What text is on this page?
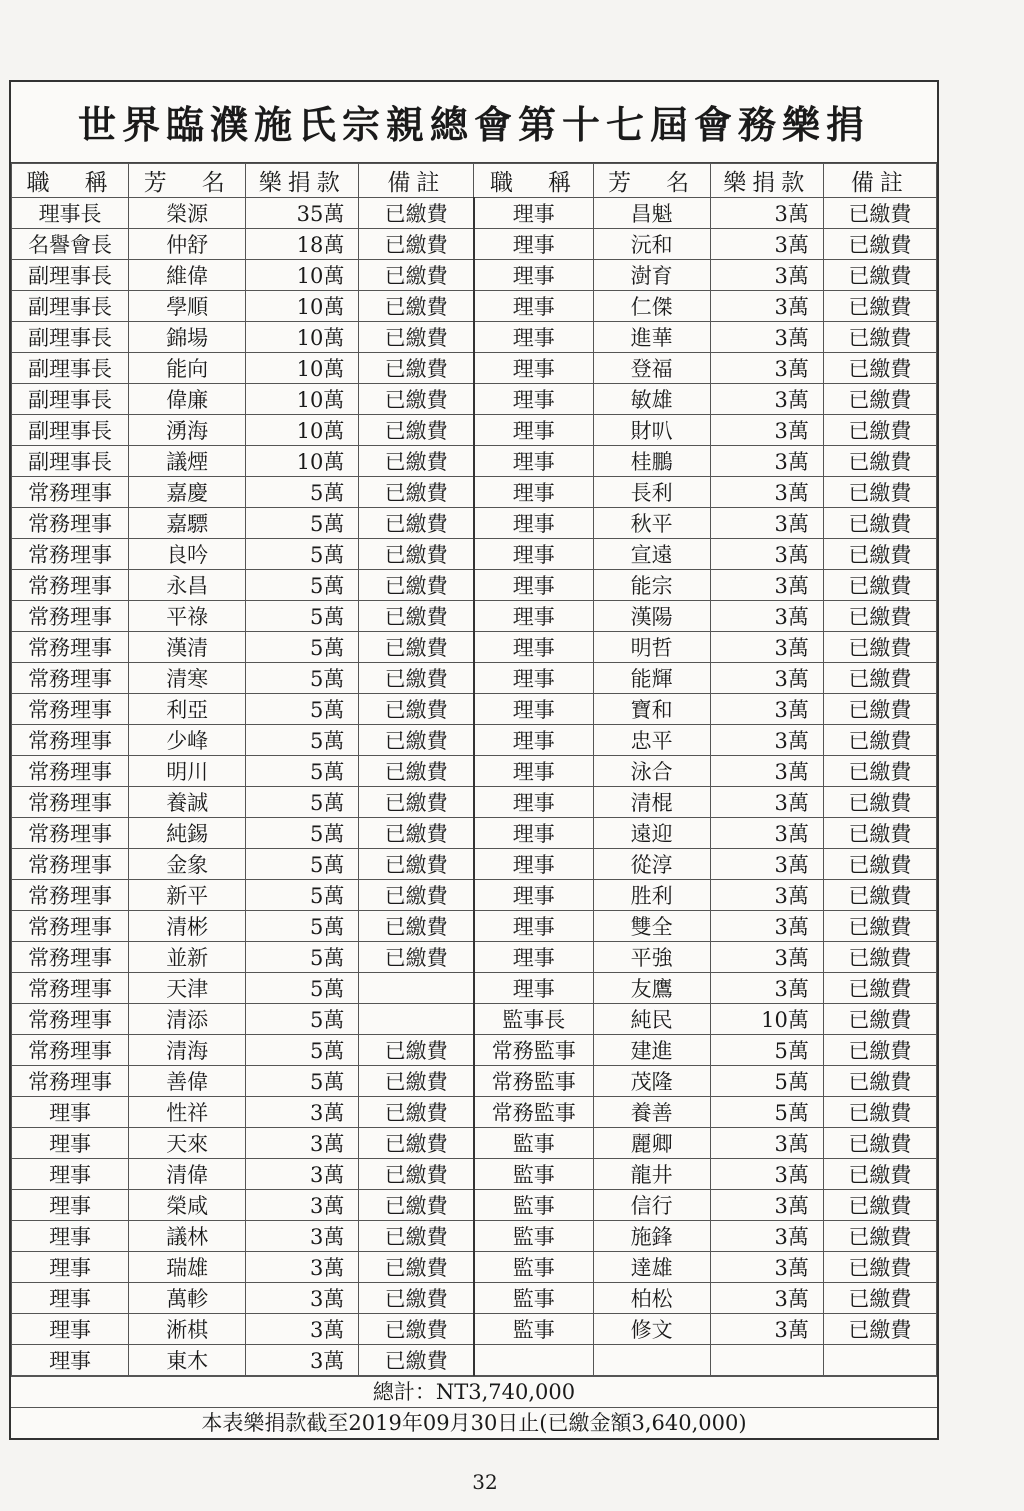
世界臨濮施氏宗親總會第十七屆會務樂捐
職　稱	芳　名	樂捐款	備註	職　稱	芳　名	樂捐款	備註
理事長	榮源	35萬	已繳費	理事	昌魁	3萬	已繳費
名譽會長	仲舒	18萬	已繳費	理事	沅和	3萬	已繳費
副理事長	維偉	10萬	已繳費	理事	澍育	3萬	已繳費
副理事長	學順	10萬	已繳費	理事	仁傑	3萬	已繳費
副理事長	錦場	10萬	已繳費	理事	進華	3萬	已繳費
副理事長	能向	10萬	已繳費	理事	登福	3萬	已繳費
副理事長	偉廉	10萬	已繳費	理事	敏雄	3萬	已繳費
副理事長	湧海	10萬	已繳費	理事	財叭	3萬	已繳費
副理事長	議煙	10萬	已繳費	理事	桂鵬	3萬	已繳費
常務理事	嘉慶	5萬	已繳費	理事	長利	3萬	已繳費
常務理事	嘉驃	5萬	已繳費	理事	秋平	3萬	已繳費
常務理事	良吟	5萬	已繳費	理事	宣遠	3萬	已繳費
常務理事	永昌	5萬	已繳費	理事	能宗	3萬	已繳費
常務理事	平祿	5萬	已繳費	理事	漢陽	3萬	已繳費
常務理事	漢清	5萬	已繳費	理事	明哲	3萬	已繳費
常務理事	清寒	5萬	已繳費	理事	能輝	3萬	已繳費
常務理事	利亞	5萬	已繳費	理事	寶和	3萬	已繳費
常務理事	少峰	5萬	已繳費	理事	忠平	3萬	已繳費
常務理事	明川	5萬	已繳費	理事	泳合	3萬	已繳費
常務理事	養誠	5萬	已繳費	理事	清棍	3萬	已繳費
常務理事	純錫	5萬	已繳費	理事	遠迎	3萬	已繳費
常務理事	金象	5萬	已繳費	理事	從淳	3萬	已繳費
常務理事	新平	5萬	已繳費	理事	胜利	3萬	已繳費
常務理事	清彬	5萬	已繳費	理事	雙全	3萬	已繳費
常務理事	並新	5萬	已繳費	理事	平強	3萬	已繳費
常務理事	天津	5萬		理事	友鷹	3萬	已繳費
常務理事	清添	5萬		監事長	純民	10萬	已繳費
常務理事	清海	5萬	已繳費	常務監事	建進	5萬	已繳費
常務理事	善偉	5萬	已繳費	常務監事	茂隆	5萬	已繳費
理事	性祥	3萬	已繳費	常務監事	養善	5萬	已繳費
理事	天來	3萬	已繳費	監事	麗卿	3萬	已繳費
理事	清偉	3萬	已繳費	監事	龍井	3萬	已繳費
理事	榮咸	3萬	已繳費	監事	信行	3萬	已繳費
理事	議林	3萬	已繳費	監事	施鋒	3萬	已繳費
理事	瑞雄	3萬	已繳費	監事	達雄	3萬	已繳費
理事	萬軫	3萬	已繳費	監事	柏松	3萬	已繳費
理事	淅棋	3萬	已繳費	監事	修文	3萬	已繳費
理事	東木	3萬	已繳費				
總計：NT3,740,000
本表樂捐款截至2019年09月30日止(已繳金額3,640,000)
32
